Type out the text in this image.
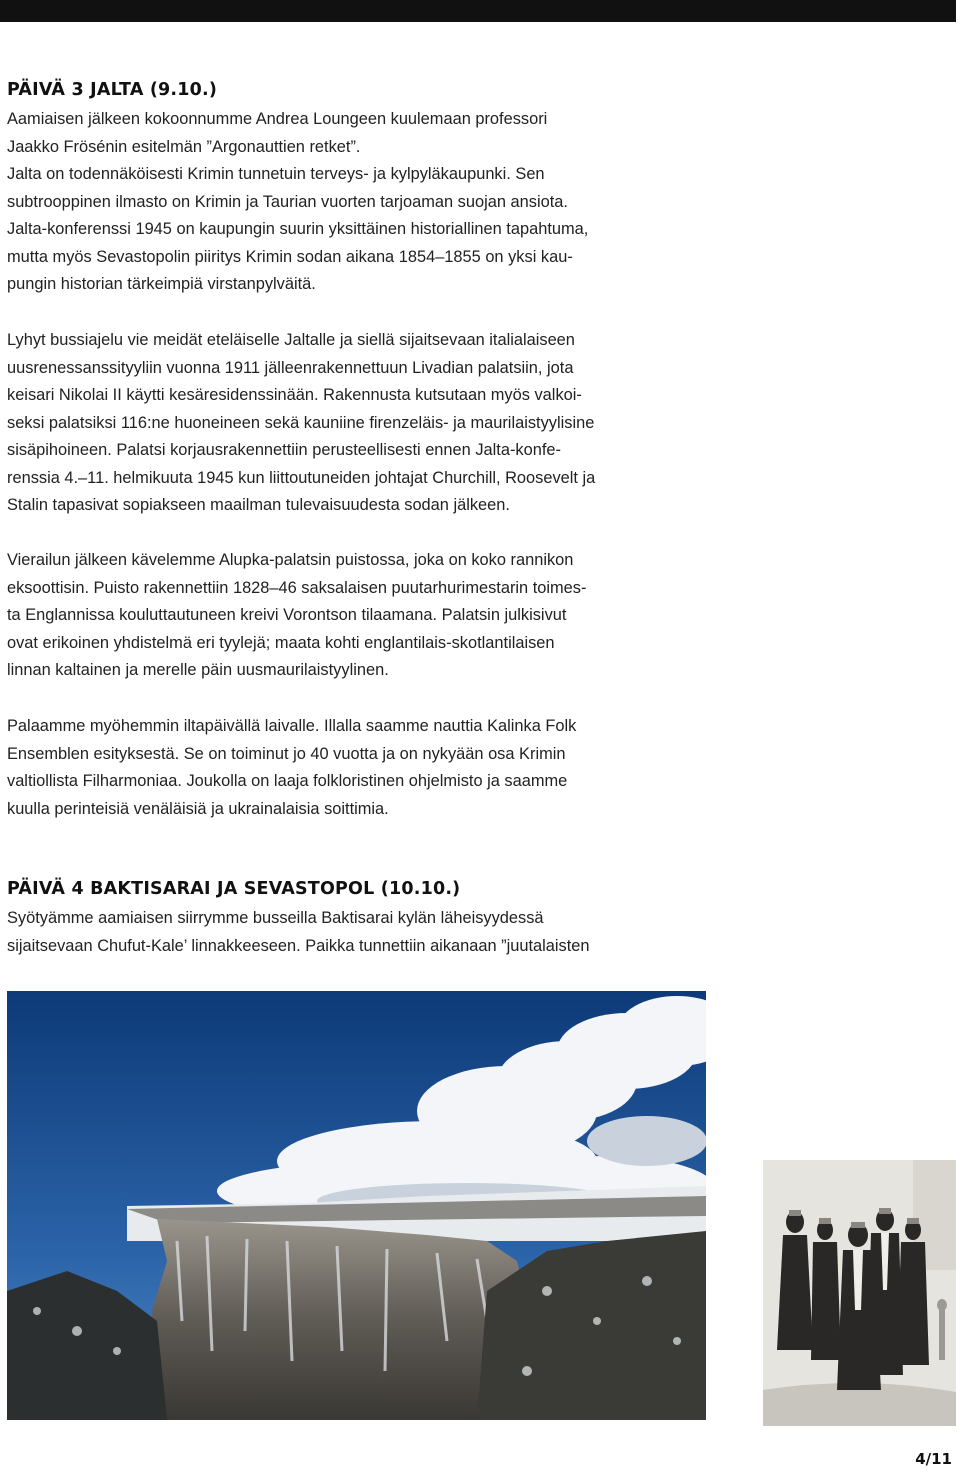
PÄIVÄ 3 JALTA (9.10.)
Aamiaisen jälkeen kokoonnumme Andrea Loungeen kuulemaan professori
Jaakko Frösénin esitelmän ”Argonauttien retket”.
Jalta on todennäköisesti Krimin tunnetuin terveys- ja kylpyläkaupunki. Sen
subtrooppinen ilmasto on Krimin ja Taurian vuorten tarjoaman suojan ansiota.
Jalta-konferenssi 1945 on kaupungin suurin yksittäinen historiallinen tapahtuma,
mutta myös Sevastopolin piiritys Krimin sodan aikana 1854–1855 on yksi kau-
pungin historian tärkeimpiä virstanpylväitä.
Lyhyt bussiajelu vie meidät eteläiselle Jaltalle ja siellä sijaitsevaan italialaiseen
uusrenessanssityyliin vuonna 1911 jälleenrakennettuun Livadian palatsiin, jota
keisari Nikolai II käytti kesäresidenssinään. Rakennusta kutsutaan myös valkoi-
seksi palatsiksi 116:ne huoneineen sekä kauniine firenzeläis- ja maurilaistyylisine
sisäpihoineen. Palatsi korjausrakennettiin perusteellisesti ennen Jalta-konfe-
renssia 4.–11. helmikuuta 1945 kun liittoutuneiden johtajat Churchill, Roosevelt ja
Stalin tapasivat sopiakseen maailman tulevaisuudesta sodan jälkeen.
Vierailun jälkeen kävelemme Alupka-palatsin puistossa, joka on koko rannikon
eksoottisin. Puisto rakennettiin 1828–46 saksalaisen puutarhurimestarin toimes-
ta Englannissa kouluttautuneen kreivi Vorontson tilaamana. Palatsin julkisivut
ovat erikoinen yhdistelmä eri tyylejä; maata kohti englantilais-skotlantilaisen
linnan kaltainen ja merelle päin uusmaurilaistyylinen.
Palaamme myöhemmin iltapäivällä laivalle. Illalla saamme nauttia Kalinka Folk
Ensemblen esityksestä. Se on toiminut jo 40 vuotta ja on nykyään osa Krimin
valtiollista Filharmoniaa. Joukolla on laaja folkloristinen ohjelmisto ja saamme
kuulla perinteisiä venäläisiä ja ukrainalaisia soittimia.
PÄIVÄ 4 BAKTISARAI JA SEVASTOPOL (10.10.)
Syötyämme aamiaisen siirrymme busseilla Baktisarai kylän läheisyydessä
sijaitsevaan Chufut-Kale’ linnakkeeseen. Paikka tunnettiin aikanaan ”juutalaisten
4/11
